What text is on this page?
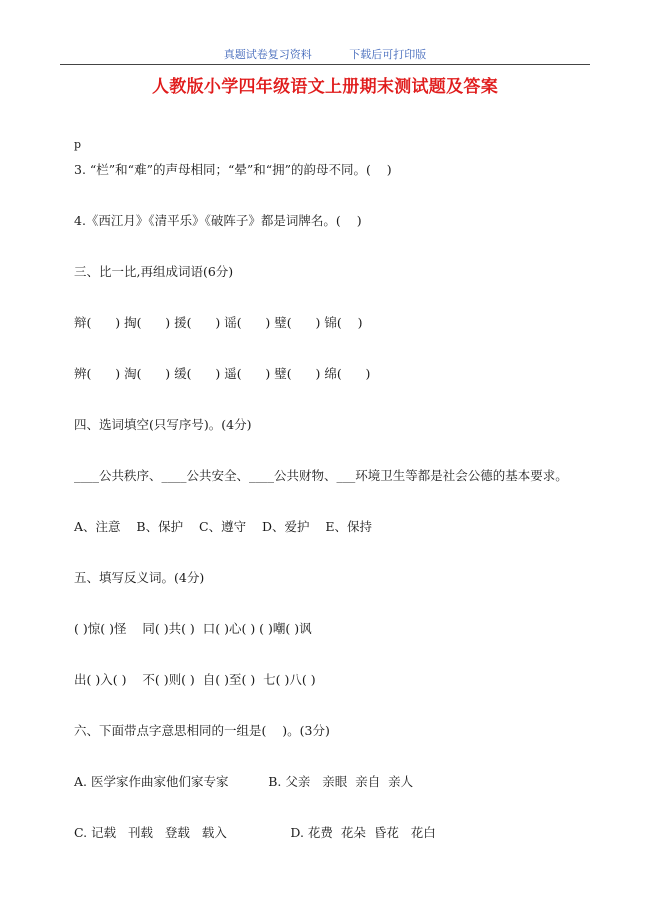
真题试卷复习资料	下载后可打印版
人教版小学四年级语文上册期末测试题及答案
p
3. “栏”和“难”的声母相同；“晕”和“拥”的韵母不同。(    )
4.《西江月》《清平乐》《破阵子》都是词牌名。(    )
三、比一比,再组成词语(6分)
辩(      ) 掏(      ) 援(      ) 谣(      ) 璧(      ) 锦(    )
辨(      ) 淘(      ) 缓(      ) 遥(      ) 璧(      ) 绵(      )
四、选词填空(只写序号)。(4分)
____公共秩序、____公共安全、____公共财物、___环境卫生等都是社会公德的基本要求。
A、注意    B、保护    C、遵守    D、爱护    E、保持
五、填写反义词。(4分)
( )惊( )怪    同( )共( )  口( )心( ) ( )嘲( )讽
出( )入( )    不( )则( )  自( )至( )  七( )八( )
六、下面带点字意思相同的一组是(    )。(3分)
A. 医学家作曲家他们家专家          B. 父亲   亲眼  亲自  亲人
C. 记载   刊载   登载   载入                D. 花费  花朵  昏花   花白
